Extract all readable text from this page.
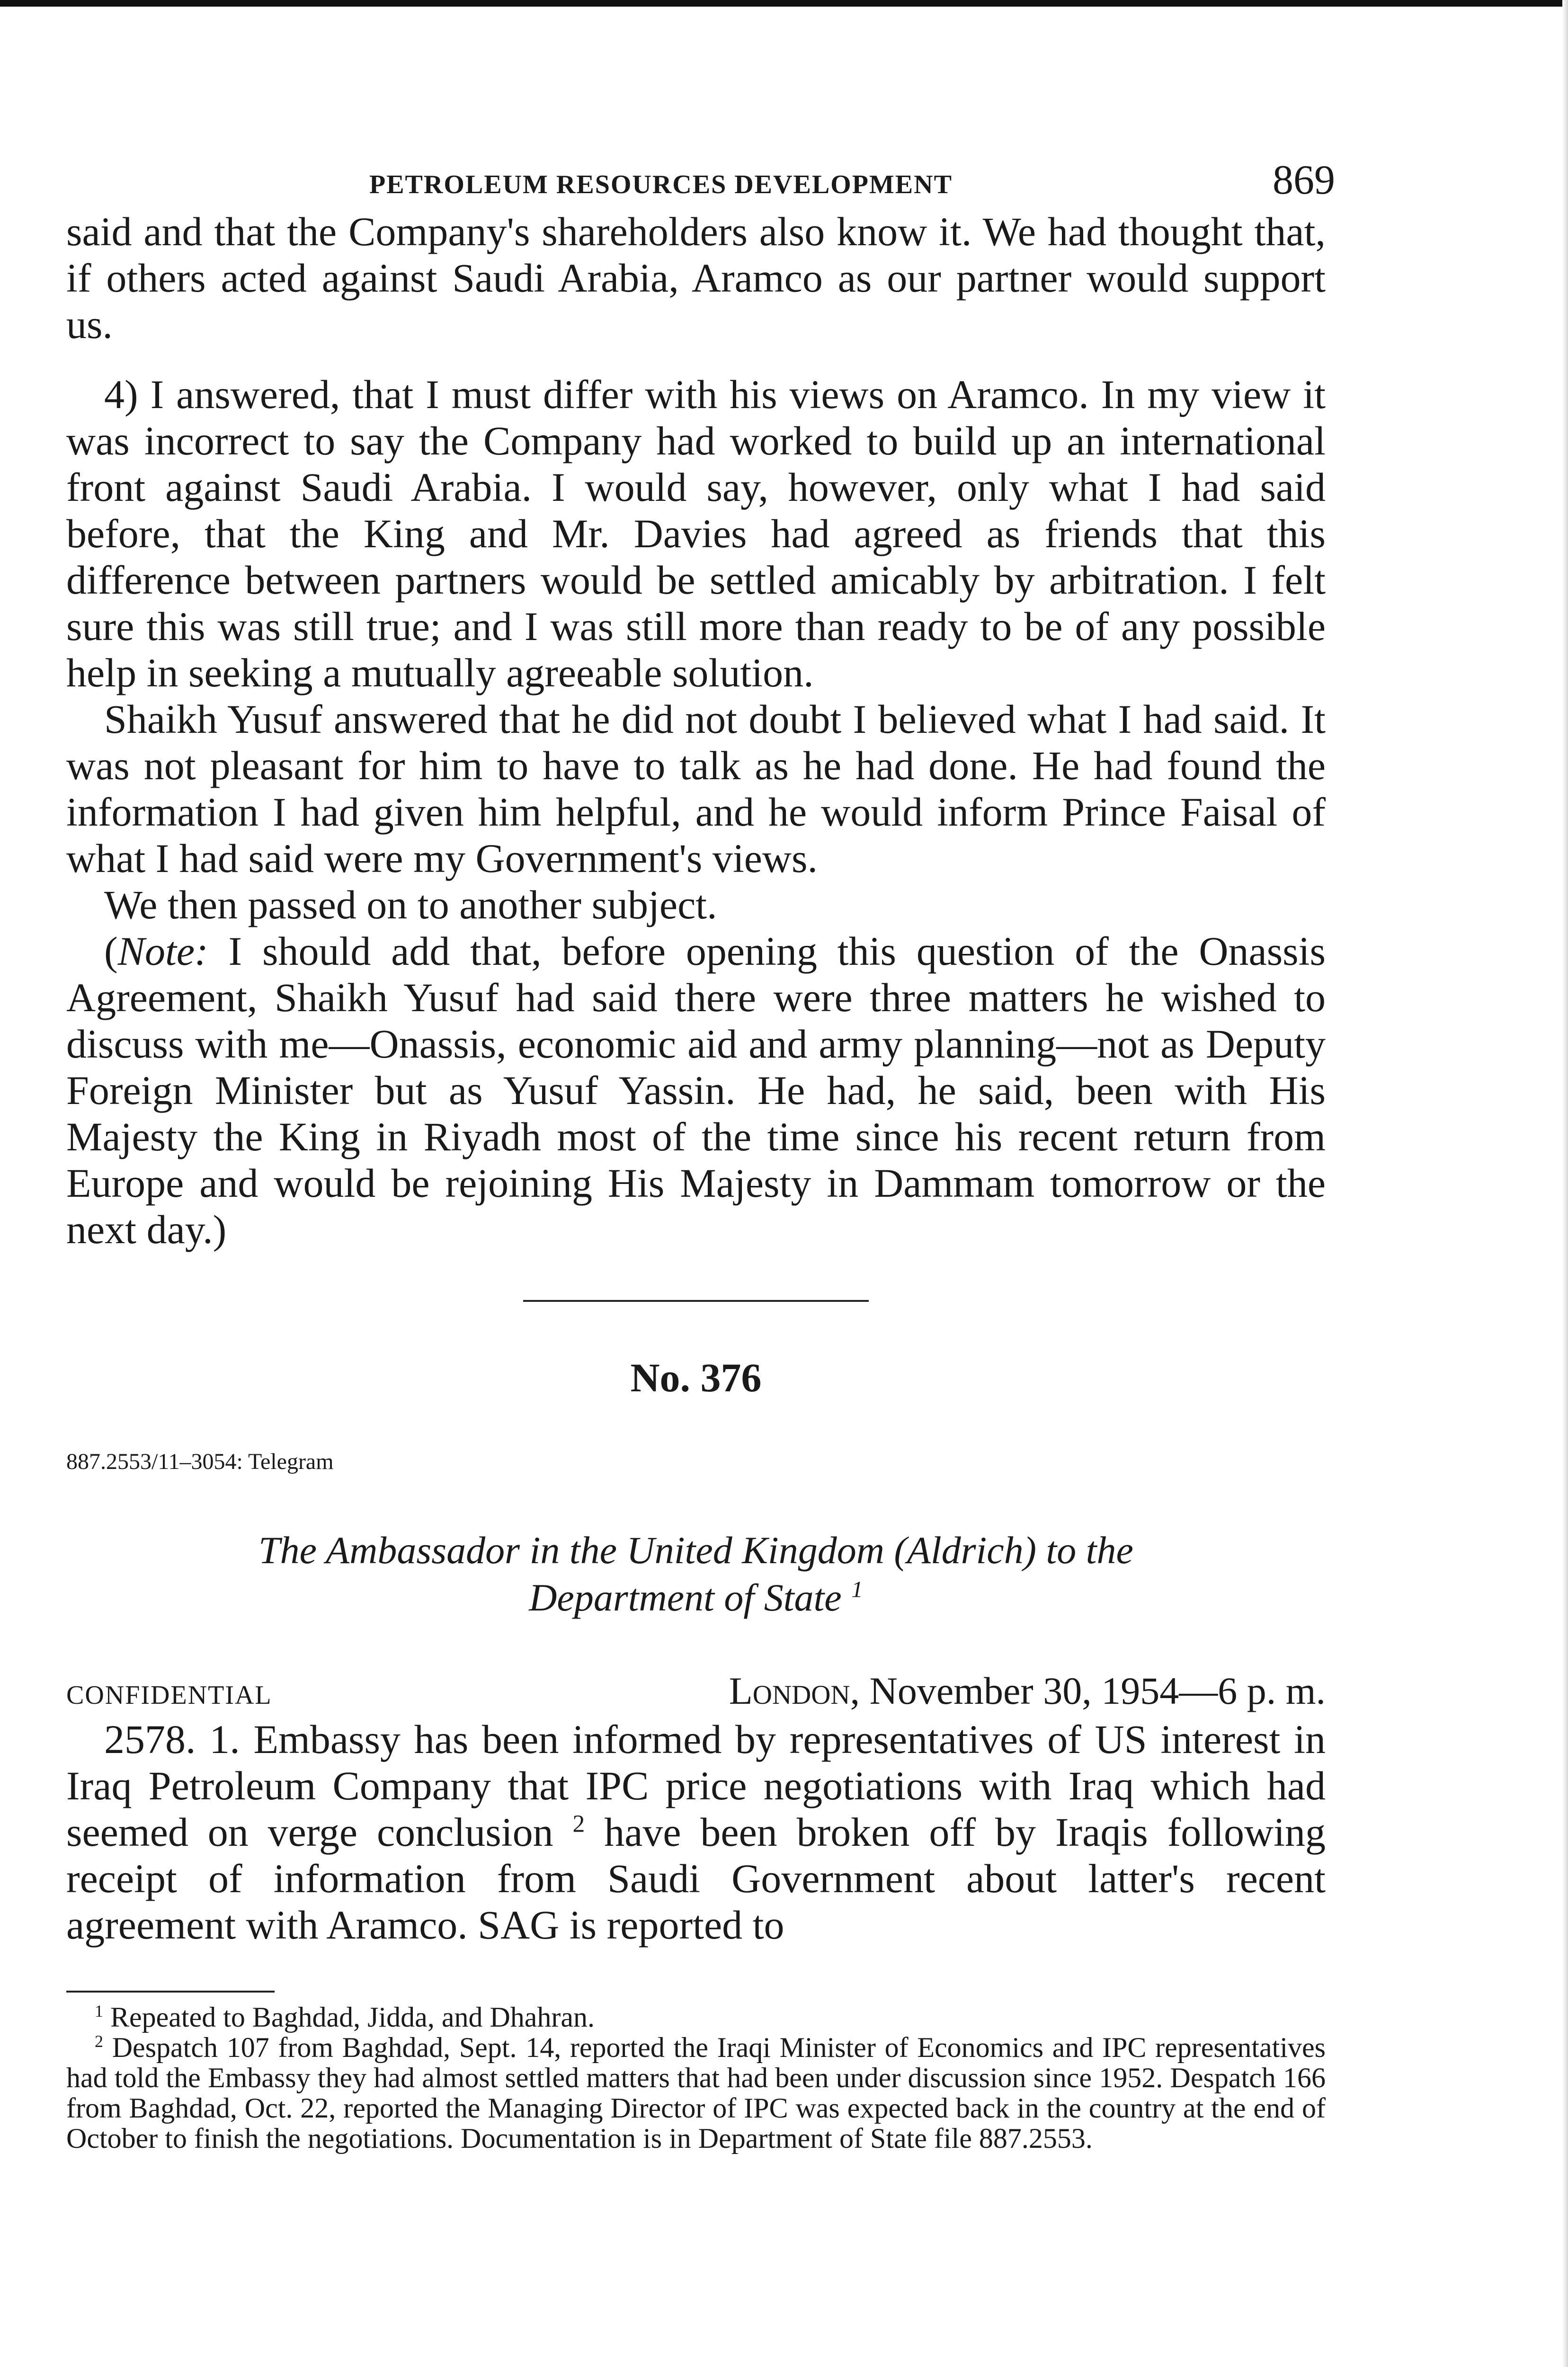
PETROLEUM RESOURCES DEVELOPMENT	869

said and that the Company's shareholders also know it. We had thought that, if others acted against Saudi Arabia, Aramco as our partner would support us.

4) I answered, that I must differ with his views on Aramco. In my view it was incorrect to say the Company had worked to build up an international front against Saudi Arabia. I would say, however, only what I had said before, that the King and Mr. Davies had agreed as friends that this difference between partners would be settled amicably by arbitration. I felt sure this was still true; and I was still more than ready to be of any possible help in seeking a mutually agreeable solution.

Shaikh Yusuf answered that he did not doubt I believed what I had said. It was not pleasant for him to have to talk as he had done. He had found the information I had given him helpful, and he would inform Prince Faisal of what I had said were my Government's views.

We then passed on to another subject.

(Note: I should add that, before opening this question of the Onassis Agreement, Shaikh Yusuf had said there were three matters he wished to discuss with me—Onassis, economic aid and army planning—not as Deputy Foreign Minister but as Yusuf Yassin. He had, he said, been with His Majesty the King in Riyadh most of the time since his recent return from Europe and would be rejoining His Majesty in Dammam tomorrow or the next day.)

No. 376
887.2553/11–3054: Telegram
The Ambassador in the United Kingdom (Aldrich) to the
Department of State $^1$
CONFIDENTIAL	London, November 30, 1954—6 p. m.

2578. 1. Embassy has been informed by representatives of US interest in Iraq Petroleum Company that IPC price negotiations with Iraq which had seemed on verge conclusion $^2$ have been broken off by Iraqis following receipt of information from Saudi Government about latter's recent agreement with Aramco. SAG is reported to

$^1$ Repeated to Baghdad, Jidda, and Dhahran.

$^2$ Despatch 107 from Baghdad, Sept. 14, reported the Iraqi Minister of Economics and IPC representatives had told the Embassy they had almost settled matters that had been under discussion since 1952. Despatch 166 from Baghdad, Oct. 22, reported the Managing Director of IPC was expected back in the country at the end of October to finish the negotiations. Documentation is in Department of State file 887.2553.
